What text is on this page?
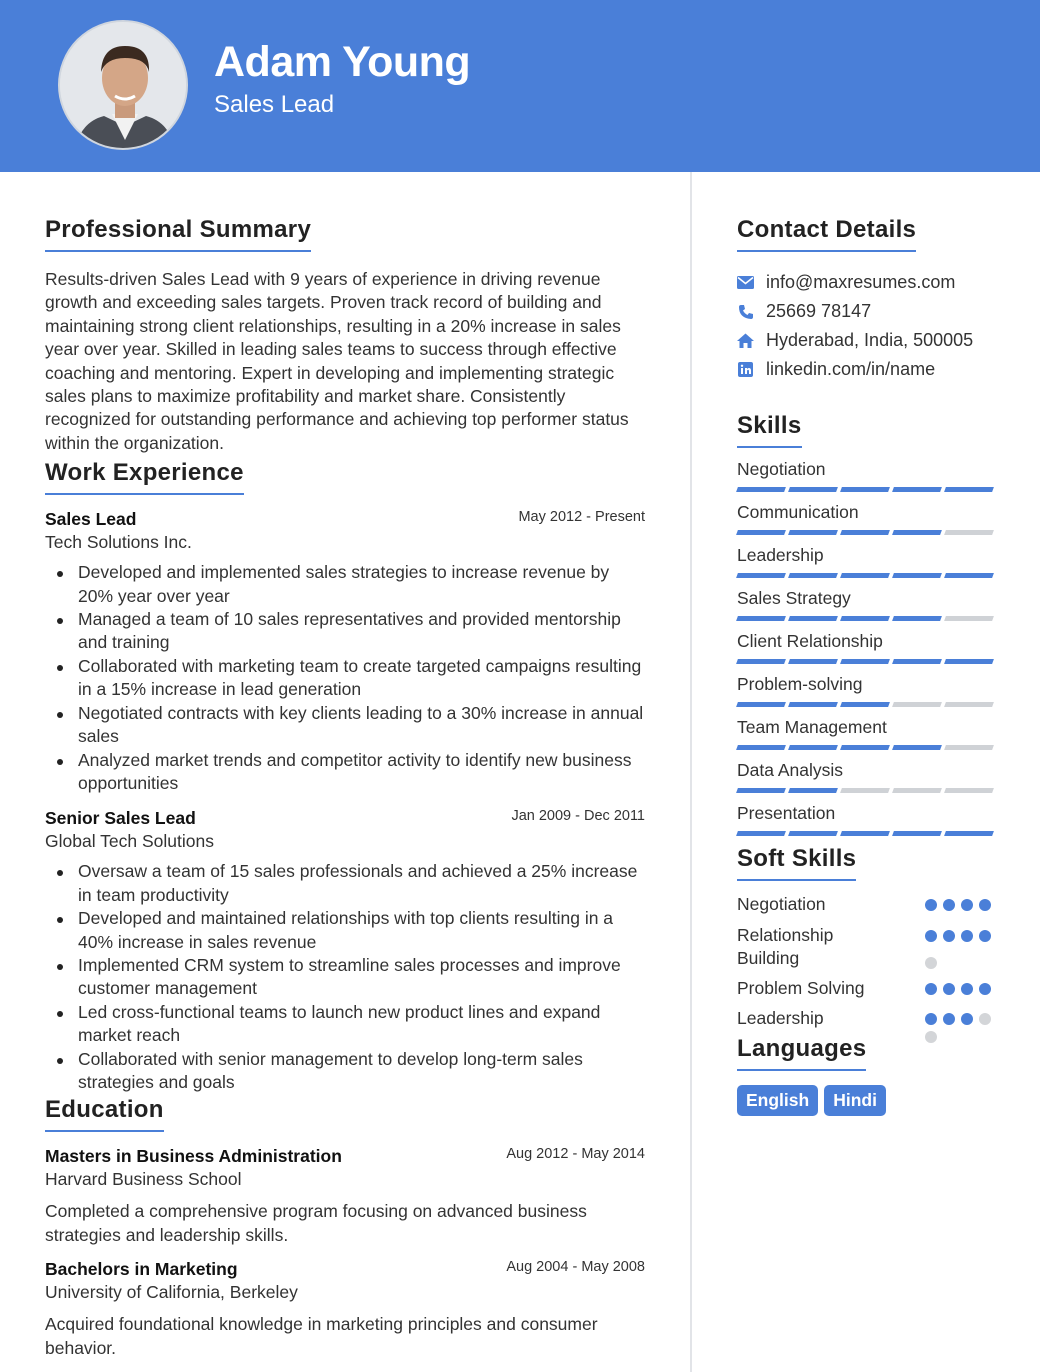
Adam Young
Sales Lead
Professional Summary
Results-driven Sales Lead with 9 years of experience in driving revenue growth and exceeding sales targets. Proven track record of building and maintaining strong client relationships, resulting in a 20% increase in sales year over year. Skilled in leading sales teams to success through effective coaching and mentoring. Expert in developing and implementing strategic sales plans to maximize profitability and market share. Consistently recognized for outstanding performance and achieving top performer status within the organization.
Work Experience
Sales Lead	May 2012 - Present
Tech Solutions Inc.
Developed and implemented sales strategies to increase revenue by 20% year over year
Managed a team of 10 sales representatives and provided mentorship and training
Collaborated with marketing team to create targeted campaigns resulting in a 15% increase in lead generation
Negotiated contracts with key clients leading to a 30% increase in annual sales
Analyzed market trends and competitor activity to identify new business opportunities
Senior Sales Lead	Jan 2009 - Dec 2011
Global Tech Solutions
Oversaw a team of 15 sales professionals and achieved a 25% increase in team productivity
Developed and maintained relationships with top clients resulting in a 40% increase in sales revenue
Implemented CRM system to streamline sales processes and improve customer management
Led cross-functional teams to launch new product lines and expand market reach
Collaborated with senior management to develop long-term sales strategies and goals
Education
Masters in Business Administration	Aug 2012 - May 2014
Harvard Business School
Completed a comprehensive program focusing on advanced business strategies and leadership skills.
Bachelors in Marketing	Aug 2004 - May 2008
University of California, Berkeley
Acquired foundational knowledge in marketing principles and consumer behavior.
Contact Details
info@maxresumes.com
25669 78147
Hyderabad, India, 500005
linkedin.com/in/name
Skills
Negotiation
Communication
Leadership
Sales Strategy
Client Relationship
Problem-solving
Team Management
Data Analysis
Presentation
Soft Skills
Negotiation
Relationship Building
Problem Solving
Leadership
Languages
English	Hindi
